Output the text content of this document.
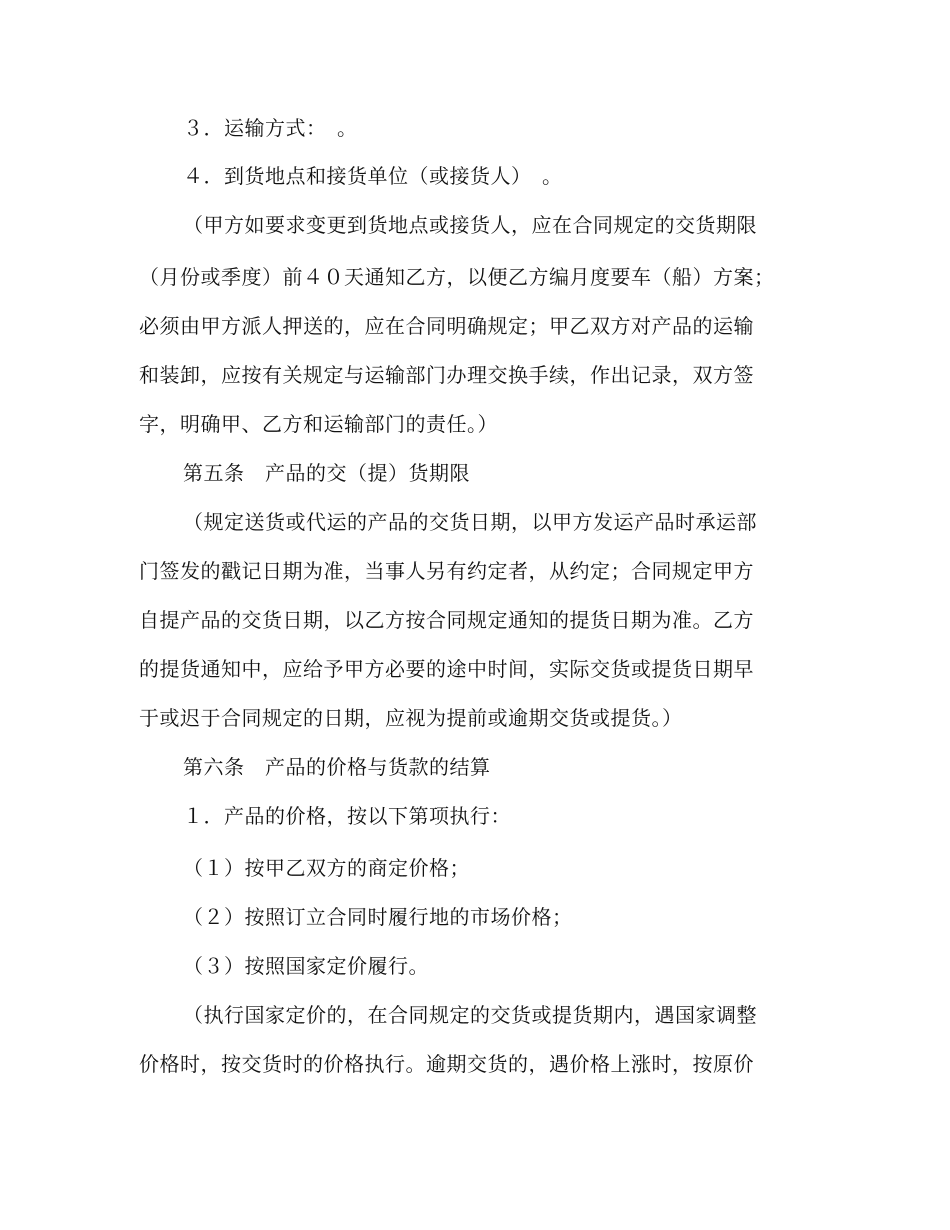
３．运输方式：　。
４．到货地点和接货单位（或接货人）　。
（甲方如要求变更到货地点或接货人，应在合同规定的交货期限
（月份或季度）前４０天通知乙方，以便乙方编月度要车（船）方案；
必须由甲方派人押送的，应在合同明确规定；甲乙双方对产品的运输
和装卸，应按有关规定与运输部门办理交换手续，作出记录，双方签
字，明确甲、乙方和运输部门的责任。）
第五条　产品的交（提）货期限
（规定送货或代运的产品的交货日期，以甲方发运产品时承运部
门签发的戳记日期为准，当事人另有约定者，从约定；合同规定甲方
自提产品的交货日期，以乙方按合同规定通知的提货日期为准。乙方
的提货通知中，应给予甲方必要的途中时间，实际交货或提货日期早
于或迟于合同规定的日期，应视为提前或逾期交货或提货。）
第六条　产品的价格与货款的结算
１．产品的价格，按以下第项执行：
（１）按甲乙双方的商定价格；
（２）按照订立合同时履行地的市场价格；
（３）按照国家定价履行。
（执行国家定价的，在合同规定的交货或提货期内，遇国家调整
价格时，按交货时的价格执行。逾期交货的，遇价格上涨时，按原价
